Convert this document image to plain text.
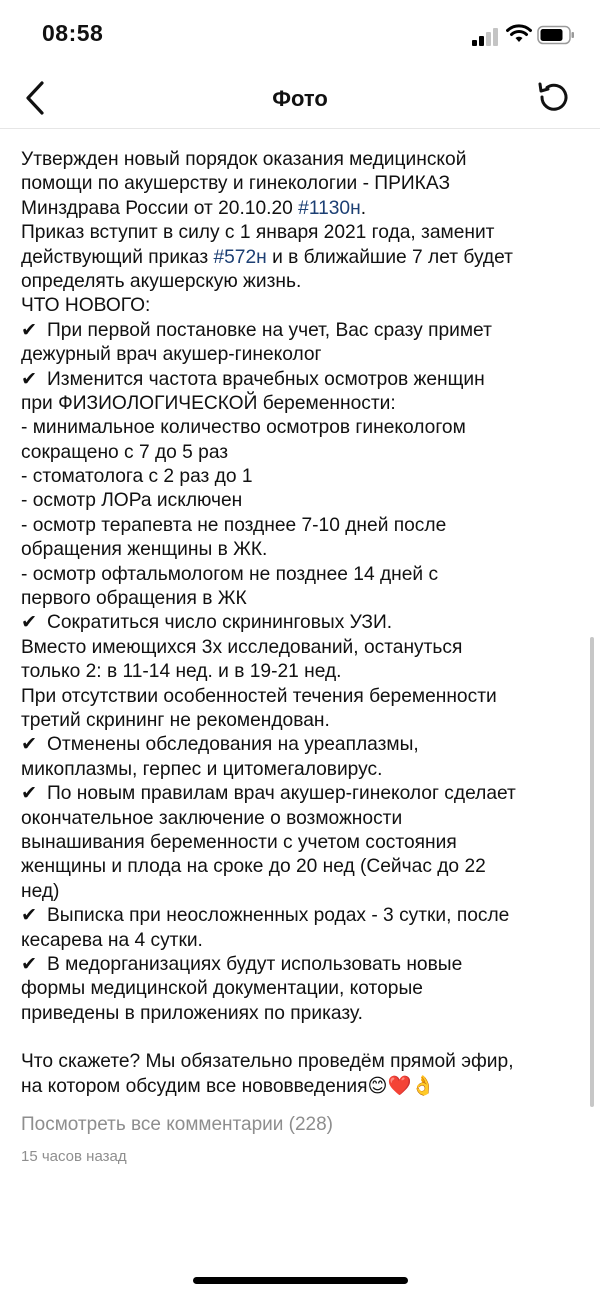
08:58
Фото
Утвержден новый порядок оказания медицинской
помощи по акушерству и гинекологии - ПРИКАЗ
Минздрава России от 20.10.20 #1130н.
Приказ вступит в силу с 1 января 2021 года, заменит
действующий приказ #572н и в ближайшие 7 лет будет
определять акушерскую жизнь.
ЧТО НОВОГО:
✔ При первой постановке на учет, Вас сразу примет
дежурный врач акушер-гинеколог
✔ Изменится частота врачебных осмотров женщин
при ФИЗИОЛОГИЧЕСКОЙ беременности:
- минимальное количество осмотров гинекологом
сокращено с 7 до 5 раз
- стоматолога с 2 раз до 1
- осмотр ЛОРа исключен
- осмотр терапевта не позднее 7-10 дней после
обращения женщины в ЖК.
- осмотр офтальмологом не позднее 14 дней с
первого обращения в ЖК
✔ Сократиться число скрининговых УЗИ.
Вместо имеющихся 3х исследований, остануться
только 2: в 11-14 нед. и в 19-21 нед.
При отсутствии особенностей течения беременности
третий скрининг не рекомендован.
✔ Отменены обследования на уреаплазмы,
микоплазмы, герпес и цитомегаловирус.
✔ По новым правилам врач акушер-гинеколог сделает
окончательное заключение о возможности
вынашивания беременности с учетом состояния
женщины и плода на сроке до 20 нед (Сейчас до 22
нед)
✔ Выписка при неосложненных родах - 3 сутки, после
кесарева на 4 сутки.
✔ В медорганизациях будут использовать новые
формы медицинской документации, которые
приведены в приложениях по приказу.
Что скажете? Мы обязательно проведём прямой эфир,
на котором обсудим все нововведения😊❤️👌
Посмотреть все комментарии (228)
15 часов назад
